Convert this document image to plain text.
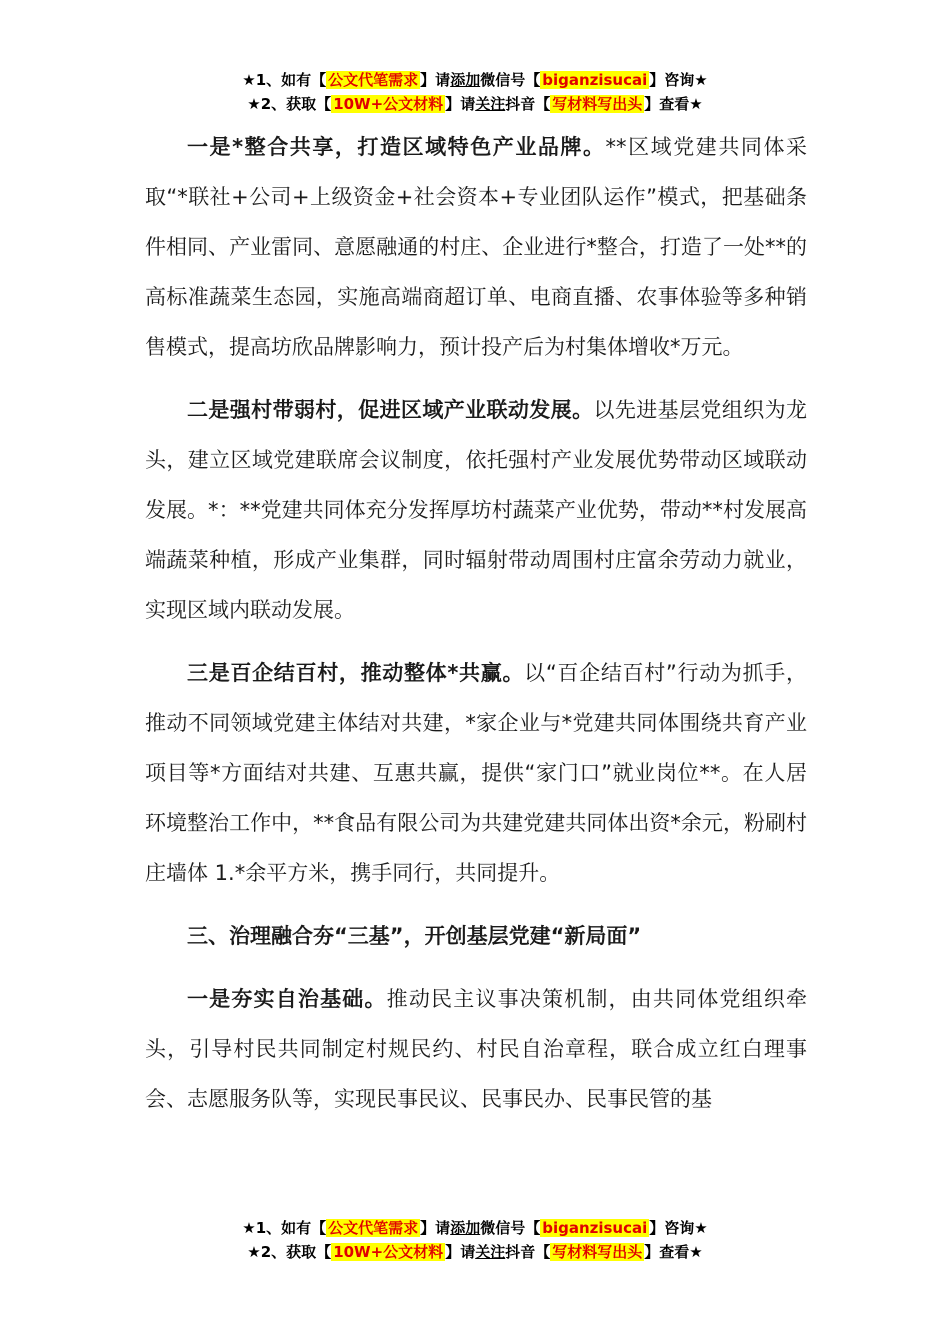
★1、如有【 公文代笔需求 】请添加微信号【 biganzisucai 】咨询★
★2、获取【 10W+公文材料 】请关注抖音【 写材料写出头 】查看★

一是*整合共享，打造区域特色产业品牌。**区域党建共同体采取“*联社+公司+上级资金+社会资本+专业团队运作”模式，把基础条件相同、产业雷同、意愿融通的村庄、企业进行*整合，打造了一处**的高标准蔬菜生态园，实施高端商超订单、电商直播、农事体验等多种销售模式，提高坊欣品牌影响力，预计投产后为村集体增收*万元。

二是强村带弱村，促进区域产业联动发展。以先进基层党组织为龙头，建立区域党建联席会议制度，依托强村产业发展优势带动区域联动发展。*：**党建共同体充分发挥厚坊村蔬菜产业优势，带动**村发展高端蔬菜种植，形成产业集群，同时辐射带动周围村庄富余劳动力就业，实现区域内联动发展。

三是百企结百村，推动整体*共赢。以“百企结百村”行动为抓手，推动不同领域党建主体结对共建，*家企业与*党建共同体围绕共育产业项目等*方面结对共建、互惠共赢，提供“家门口”就业岗位**。在人居环境整治工作中，**食品有限公司为共建党建共同体出资*余元，粉刷村庄墙体 1.*余平方米，携手同行，共同提升。

三、治理融合夯“三基”，开创基层党建“新局面”

一是夯实自治基础。推动民主议事决策机制，由共同体党组织牵头，引导村民共同制定村规民约、村民自治章程，联合成立红白理事会、志愿服务队等，实现民事民议、民事民办、民事民管的基

★1、如有【 公文代笔需求 】请添加微信号【 biganzisucai 】咨询★
★2、获取【 10W+公文材料 】请关注抖音【 写材料写出头 】查看★
